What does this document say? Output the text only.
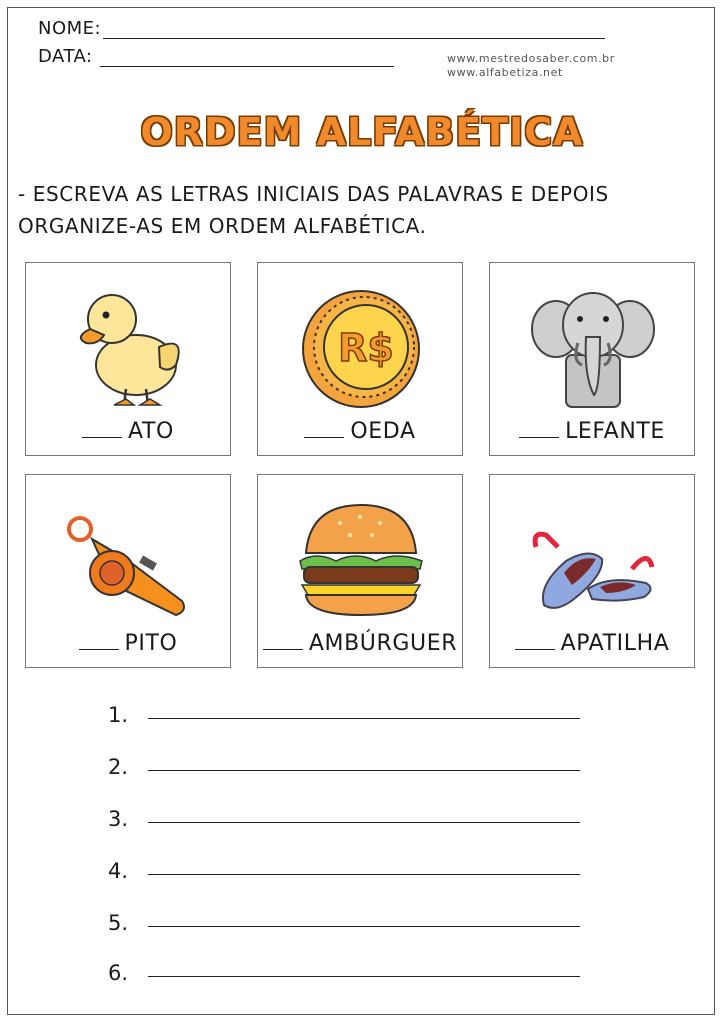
NOME:
DATA:	www.mestredosaber.com.br
www.alfabetiza.net
ORDEM ALFABÉTICA
- ESCREVA AS LETRAS INICIAIS DAS PALAVRAS E DEPOIS
ORGANIZE-AS EM ORDEM ALFABÉTICA.
ATO
R$
OEDA	LEFANTE
PITO	AMBÚRGUER	APATILHA
1.
2.
3.
4.
5.
6.
